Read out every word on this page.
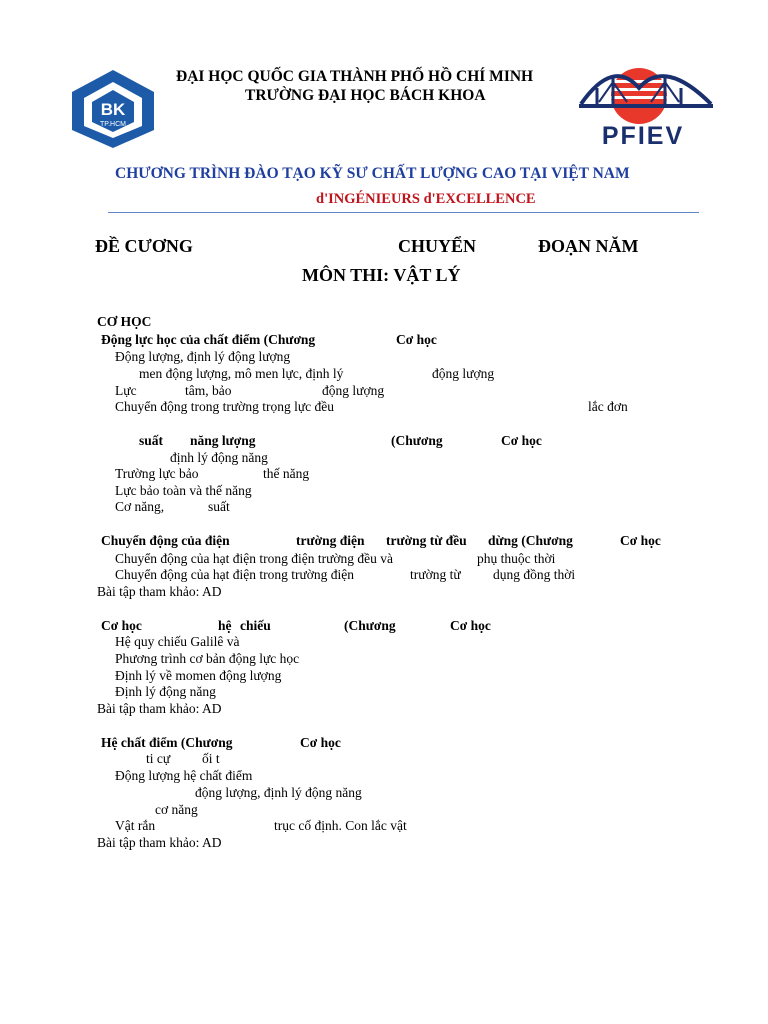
BK
TP.HCM	PFIEV
ĐẠI HỌC QUỐC GIA THÀNH PHỐ HỒ CHÍ MINH
TRƯỜNG ĐẠI HỌC BÁCH KHOA
CHƯƠNG TRÌNH ĐÀO TẠO KỸ SƯ CHẤT LƯỢNG CAO TẠI VIỆT NAM
d'INGÉNIEURS d'EXCELLENCE
ĐỀ CƯƠNG	CHUYỂN	ĐOẠN NĂM
MÔN THI: VẬT LÝ
CƠ HỌC
Động lực học của chất điểm (Chương	Cơ học
Động lượng, định lý động lượng
men động lượng, mô men lực, định lý	động lượng
Lực	tâm, bảo	động lượng
Chuyển động trong trường trọng lực đều	lắc đơn
suất năng lượng	(Chương	Cơ học
định lý động năng
Trường lực bảo	thế năng
Lực bảo toàn và thế năng
Cơ năng,	suất
Chuyển động của điện	trường điện trường từ đều dừng (Chương	Cơ học
Chuyển động của hạt điện trong điện trường đều và	phụ thuộc thời
Chuyển động của hạt điện trong trường điện	trường từ dụng đồng thời
Bài tập tham khảo: AD
Cơ học	hệ chiếu	(Chương	Cơ học
Hệ quy chiếu Galilê và
Phương trình cơ bản động lực học
Định lý về momen động lượng
Định lý động năng
Bài tập tham khảo: AD
Hệ chất điểm (Chương	Cơ học
ti cự ối t
Động lượng hệ chất điểm
động lượng, định lý động năng
cơ năng
Vật rắn	trục cố định. Con lắc vật
Bài tập tham khảo: AD
